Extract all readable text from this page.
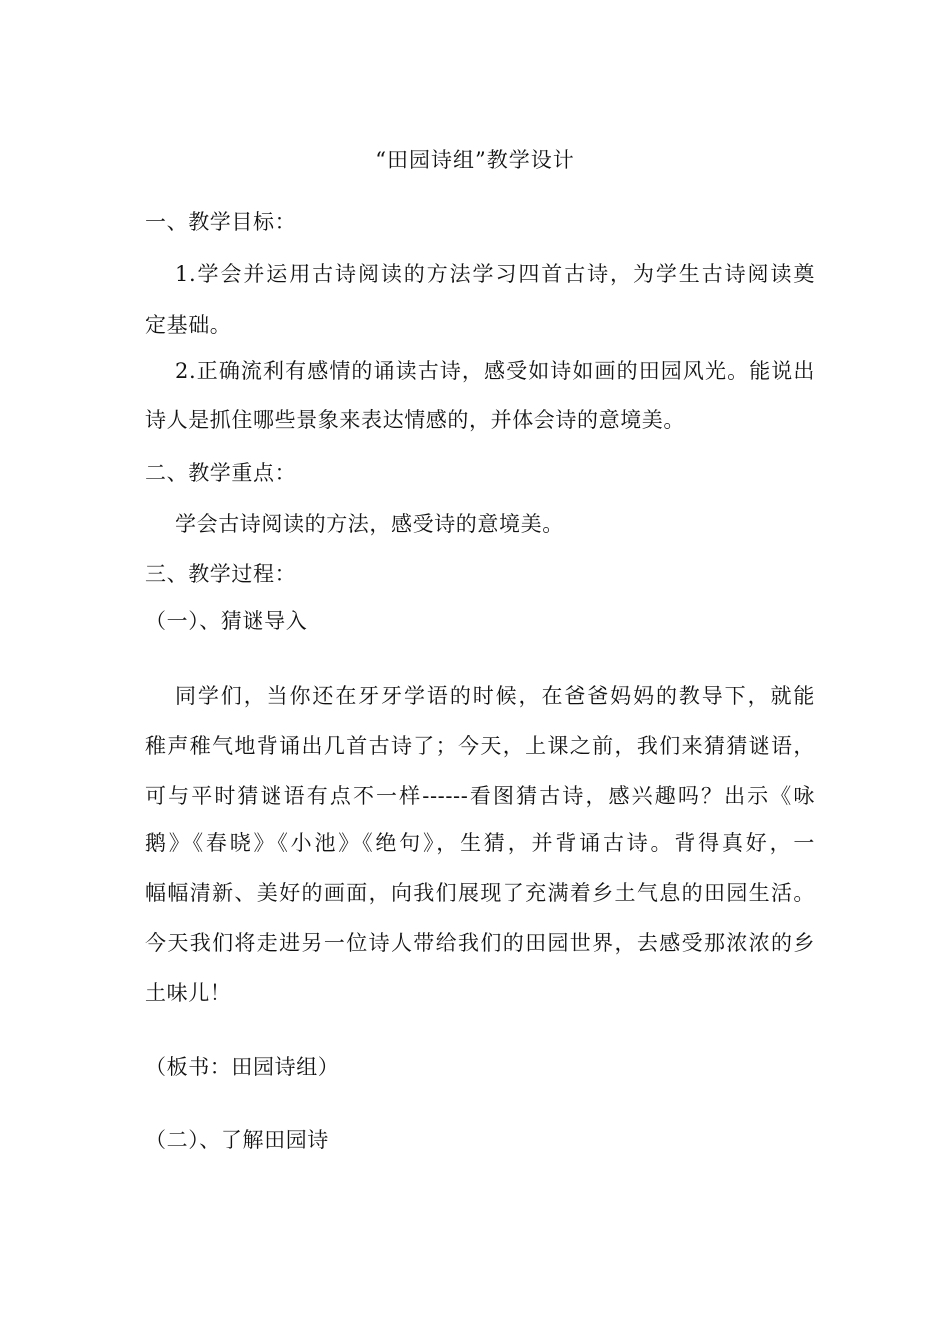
“田园诗组”教学设计
一、教学目标：
1.学会并运用古诗阅读的方法学习四首古诗，为学生古诗阅读奠
定基础。
2.正确流利有感情的诵读古诗，感受如诗如画的田园风光。能说出
诗人是抓住哪些景象来表达情感的，并体会诗的意境美。
二、教学重点：
学会古诗阅读的方法，感受诗的意境美。
三、教学过程：
（一）、猜谜导入
同学们，当你还在牙牙学语的时候，在爸爸妈妈的教导下，就能
稚声稚气地背诵出几首古诗了；今天，上课之前，我们来猜猜谜语，
可与平时猜谜语有点不一样------看图猜古诗，感兴趣吗？出示《咏
鹅》《春晓》《小池》《绝句》，生猜，并背诵古诗。背得真好，一
幅幅清新、美好的画面，向我们展现了充满着乡土气息的田园生活。
今天我们将走进另一位诗人带给我们的田园世界，去感受那浓浓的乡
土味儿！
（板书：田园诗组）
（二）、了解田园诗
